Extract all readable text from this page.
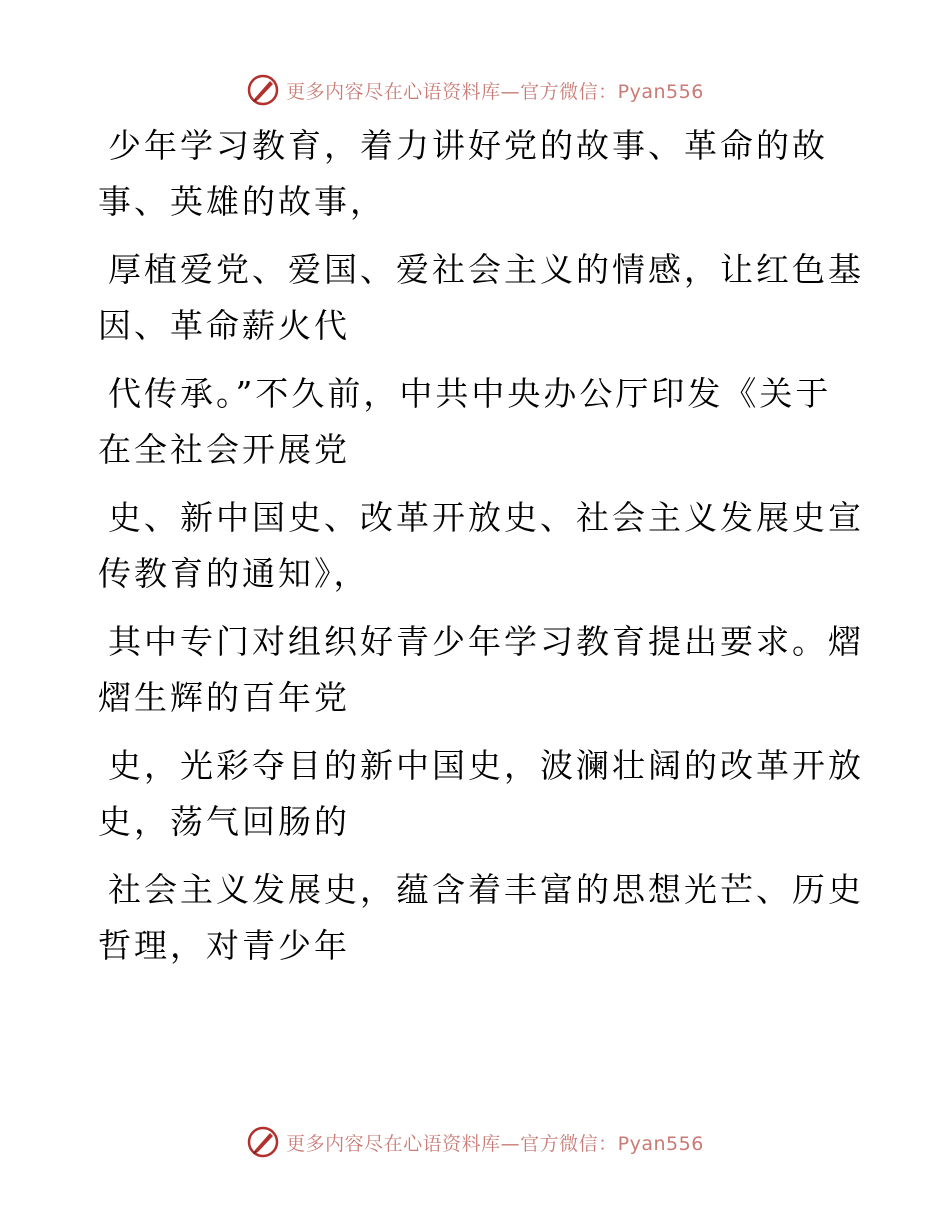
更多内容尽在心语资料库—官方微信：Pyan556

少年学习教育，着力讲好党的故事、革命的故
事、英雄的故事，

厚植爱党、爱国、爱社会主义的情感，让红色基
因、革命薪火代

代传承。”不久前，中共中央办公厅印发《关于
在全社会开展党

史、新中国史、改革开放史、社会主义发展史宣
传教育的通知》，

其中专门对组织好青少年学习教育提出要求。熠
熠生辉的百年党

史，光彩夺目的新中国史，波澜壮阔的改革开放
史，荡气回肠的

社会主义发展史，蕴含着丰富的思想光芒、历史
哲理，对青少年

更多内容尽在心语资料库—官方微信：Pyan556
